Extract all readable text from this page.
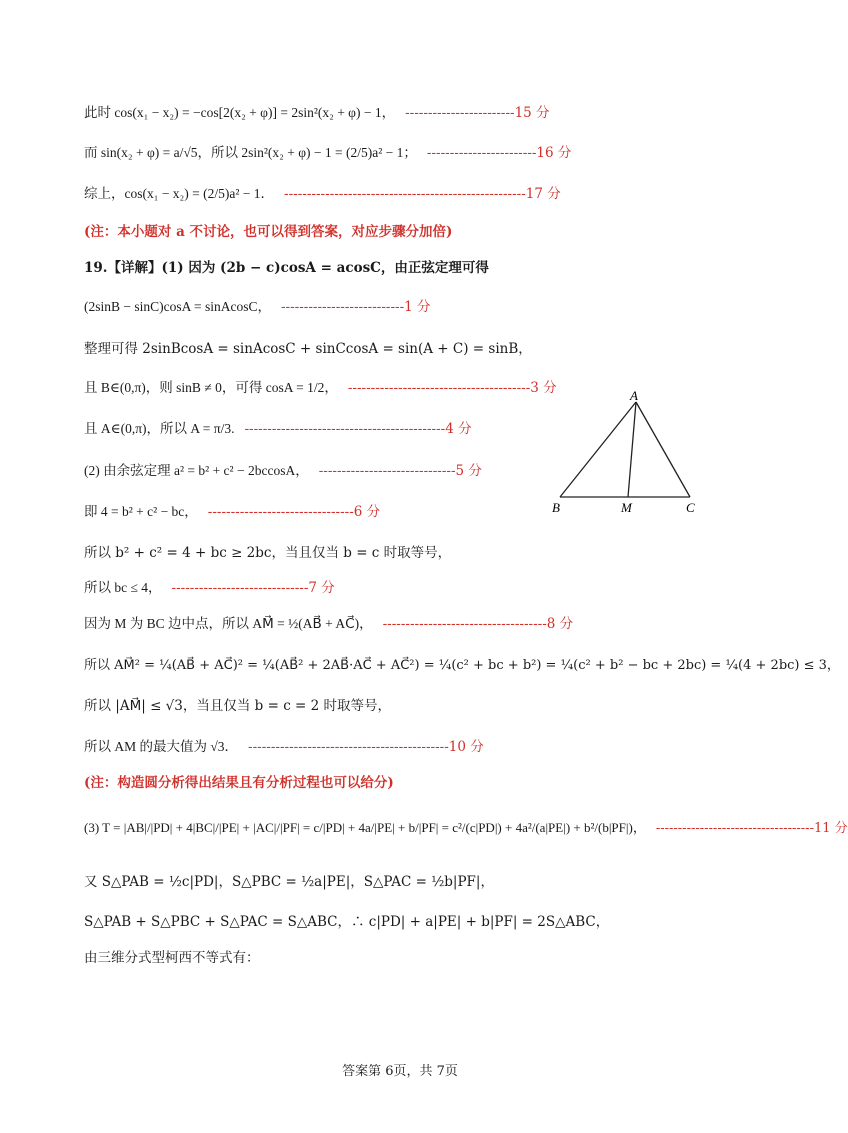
此时 cos(x₁ − x₂) = −cos[2(x₂ + φ)] = 2sin²(x₂ + φ) − 1， ------------------------15 分
而 sin(x₂ + φ) = a/√5，所以 2sin²(x₂ + φ) − 1 = (2/5)a² − 1； ------------------------16 分
综上，cos(x₁ − x₂) = (2/5)a² − 1． -----------------------------------------------------17 分
(注：本小题对 a 不讨论，也可以得到答案，对应步骤分加倍)
19.【详解】(1) 因为 (2b − c)cosA = acosC，由正弦定理可得
(2sinB − sinC)cosA = sinAcosC， ---------------------------1 分
整理可得 2sinBcosA = sinAcosC + sinCcosA = sin(A + C) = sinB，
且 B∈(0,π)，则 sinB ≠ 0，可得 cosA = 1/2， ----------------------------------------3 分
且 A∈(0,π)，所以 A = π/3. --------------------------------------------4 分
(2) 由余弦定理 a² = b² + c² − 2bccosA， ------------------------------5 分
即 4 = b² + c² − bc， --------------------------------6 分
所以 b² + c² = 4 + bc ≥ 2bc，当且仅当 b = c 时取等号，
所以 bc ≤ 4， ------------------------------7 分
因为 M 为 BC 边中点，所以 AM⃗ = ½(AB⃗ + AC⃗)， ------------------------------------8 分
所以 AM⃗² = ¼(AB⃗ + AC⃗)² = ¼(AB⃗² + 2AB⃗·AC⃗ + AC⃗²) = ¼(c² + bc + b²) = ¼(c² + b² − bc + 2bc) = ¼(4 + 2bc) ≤ 3，
所以 |AM⃗| ≤ √3，当且仅当 b = c = 2 时取等号，
所以 AM 的最大值为 √3． --------------------------------------------10 分
(注：构造圆分析得出结果且有分析过程也可以给分)
(3) T = |AB|/|PD| + 4|BC|/|PE| + |AC|/|PF| = c/|PD| + 4a/|PE| + b/|PF| = c²/(c|PD|) + 4a²/(a|PE|) + b²/(b|PF|)， ------------------------------------11 分
又 S△PAB = ½c|PD|，S△PBC = ½a|PE|，S△PAC = ½b|PF|，
S△PAB + S△PBC + S△PAC = S△ABC，∴ c|PD| + a|PE| + b|PF| = 2S△ABC，
由三维分式型柯西不等式有：
A
B	M	C
答案第 6页，共 7页
